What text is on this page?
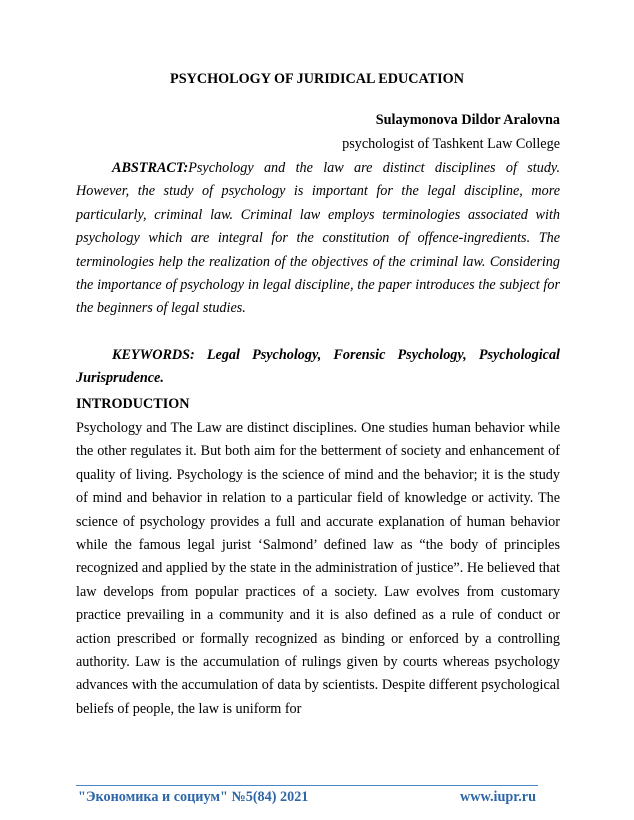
PSYCHOLOGY OF JURIDICAL EDUCATION
Sulaymonova Dildor Aralovna
psychologist of Tashkent Law College

ABSTRACT:Psychology and the law are distinct disciplines of study. However, the study of psychology is important for the legal discipline, more particularly, criminal law. Criminal law employs terminologies associated with psychology which are integral for the constitution of offence-ingredients. The terminologies help the realization of the objectives of the criminal law. Considering the importance of psychology in legal discipline, the paper introduces the subject for the beginners of legal studies.

KEYWORDS: Legal Psychology, Forensic Psychology, Psychological Jurisprudence.

INTRODUCTION

Psychology and The Law are distinct disciplines. One studies human behavior while the other regulates it. But both aim for the betterment of society and enhancement of quality of living. Psychology is the science of mind and the behavior; it is the study of mind and behavior in relation to a particular field of knowledge or activity. The science of psychology provides a full and accurate explanation of human behavior while the famous legal jurist ‘Salmond’ defined law as “the body of principles recognized and applied by the state in the administration of justice”. He believed that law develops from popular practices of a society. Law evolves from customary practice prevailing in a community and it is also defined as a rule of conduct or action prescribed or formally recognized as binding or enforced by a controlling authority. Law is the accumulation of rulings given by courts whereas psychology advances with the accumulation of data by scientists. Despite different psychological beliefs of people, the law is uniform for

"Экономика и социум" №5(84) 2021	www.iupr.ru
